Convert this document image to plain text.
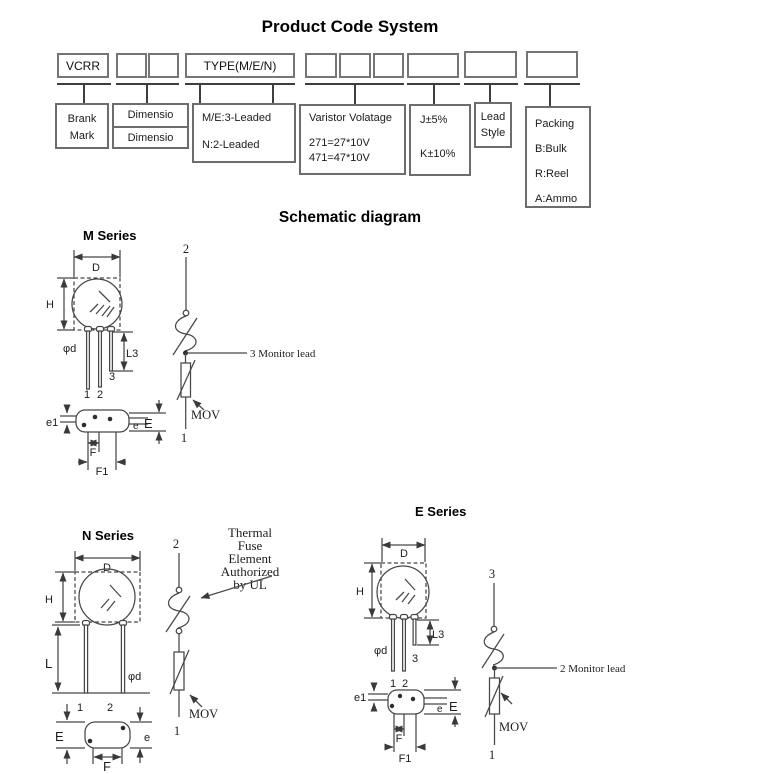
Product Code System
VCRR	TYPE(M/E/N)
Brank
Mark
Dimensio
Dimensio
M/E:3-Leaded
N:2-Leaded
Varistor Volatage
271=27*10V
471=47*10V
J±5%
K±10%
Lead
Style
Packing
B:Bulk
R:Reel
A:Ammo
Schematic diagram
M Series
N Series
E Series
D
H
1 2
3
φd	L3
e1	e E
F
F1
2
3 Monitor lead
MOV
1
D
H
L
1 2
φd
E	e
F
2
MOV
1
Thermal
Fuse
Element
Authorized
by UL
D
H
1 2
3
φd
L3
e1
e E
F
F1
3
2 Monitor lead
MOV
1
